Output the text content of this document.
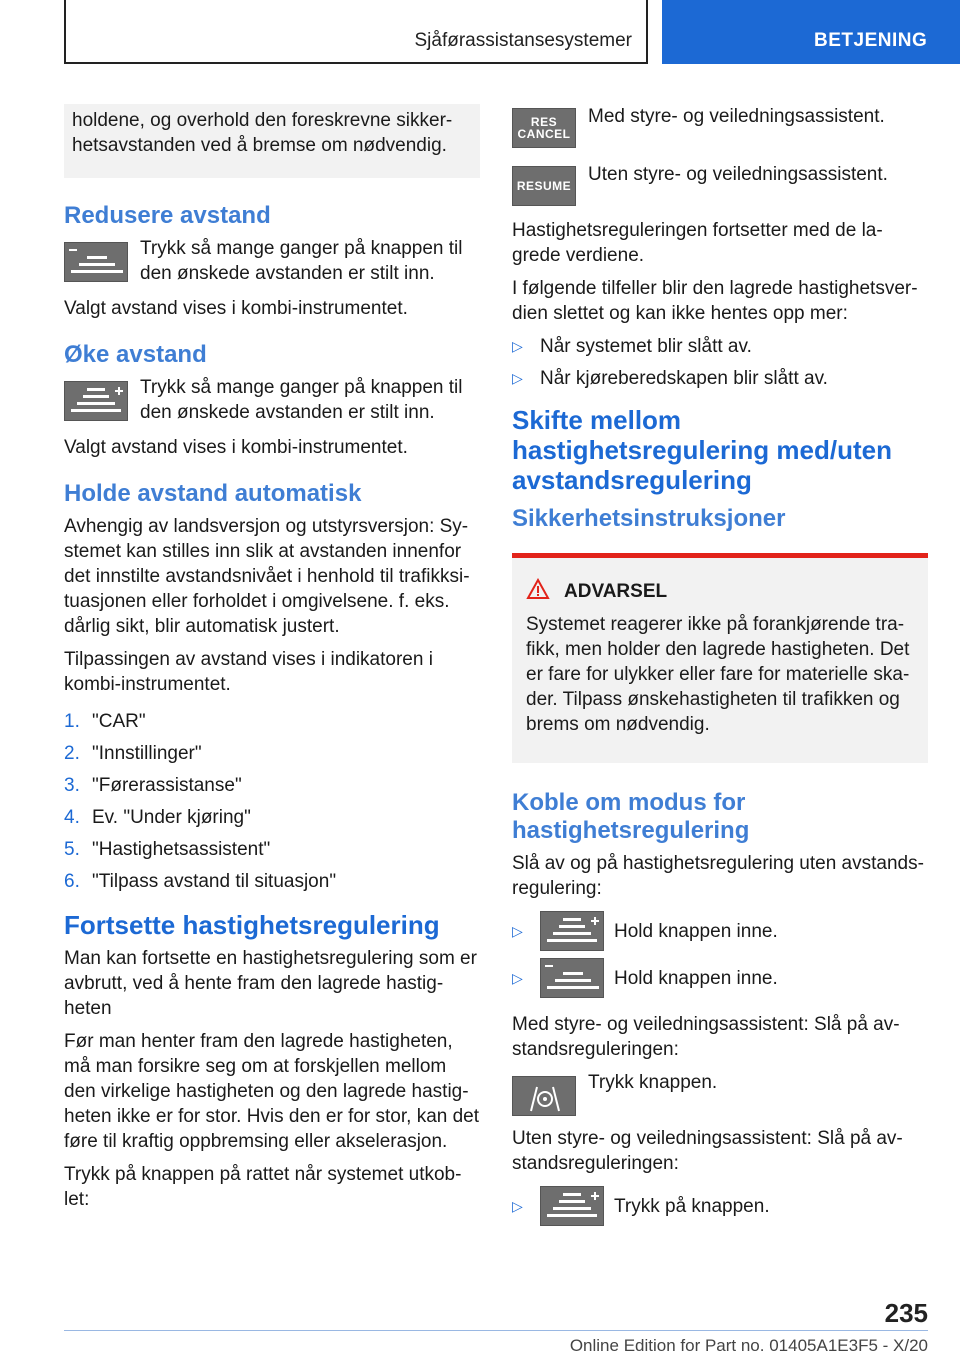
Sjåførassistansesystemer	BETJENING

holdene, og overhold den foreskrevne sikker-hetsavstanden ved å bremse om nødvendig.

Redusere avstand

Trykk så mange ganger på knappen til den ønskede avstanden er stilt inn.

Valgt avstand vises i kombi-instrumentet.

Øke avstand

Trykk så mange ganger på knappen til den ønskede avstanden er stilt inn.

Valgt avstand vises i kombi-instrumentet.

Holde avstand automatisk

Avhengig av landsversjon og utstyrsversjon: Sy-stemet kan stilles inn slik at avstanden innenfor det innstilte avstandsnivået i henhold til trafikksi-tuasjonen eller forholdet i omgivelsene. f. eks. dårlig sikt, blir automatisk justert.

Tilpassingen av avstand vises i indikatoren i kombi-instrumentet.

1. "CAR"
2. "Innstillinger"
3. "Førerassistanse"
4. Ev. "Under kjøring"
5. "Hastighetsassistent"
6. "Tilpass avstand til situasjon"
Fortsette hastighetsregulering

Man kan fortsette en hastighetsregulering som er avbrutt, ved å hente fram den lagrede hastig-heten

Før man henter fram den lagrede hastigheten, må man forsikre seg om at forskjellen mellom den virkelige hastigheten og den lagrede hastig-heten ikke er for stor. Hvis den er for stor, kan det føre til kraftig oppbremsing eller akselerasjon.

Trykk på knappen på rattet når systemet utkob-let:

RES
CANCEL

Med styre- og veiledningsassistent.

RESUME

Uten styre- og veiledningsassistent.

Hastighetsreguleringen fortsetter med de la-grede verdiene.

I følgende tilfeller blir den lagrede hastighetsver-dien slettet og kan ikke hentes opp mer:

▷ Når systemet blir slått av.
▷ Når kjøreberedskapen blir slått av.
Skifte mellom hastighetsregulering med/uten avstandsregulering
Sikkerhetsinstruksjoner
ADVARSEL

Systemet reagerer ikke på forankjørende tra-fikk, men holder den lagrede hastigheten. Det er fare for ulykker eller fare for materielle ska-der. Tilpass ønskehastigheten til trafikken og brems om nødvendig.

Koble om modus for hastighetsregulering

Slå av og på hastighetsregulering uten avstands-regulering:

▷	Hold knappen inne.
▷	Hold knappen inne.

Med styre- og veiledningsassistent: Slå på av-standsreguleringen:

Trykk knappen.

Uten styre- og veiledningsassistent: Slå på av-standsreguleringen:

▷	Trykk på knappen.
235
Online Edition for Part no. 01405A1E3F5 - X/20
